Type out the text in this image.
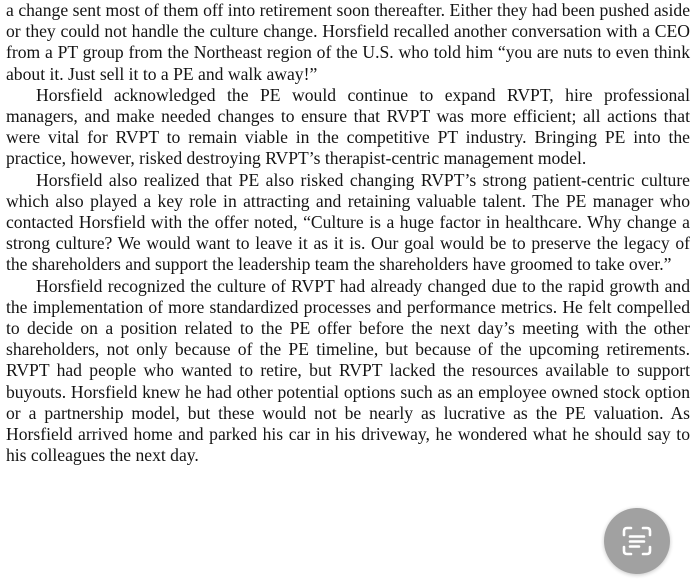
a change sent most of them off into retirement soon thereafter. Either they had been pushed aside or they could not handle the culture change. Horsfield recalled another conversation with a CEO from a PT group from the Northeast region of the U.S. who told him “you are nuts to even think about it. Just sell it to a PE and walk away!”

Horsfield acknowledged the PE would continue to expand RVPT, hire professional managers, and make needed changes to ensure that RVPT was more efficient; all actions that were vital for RVPT to remain viable in the competitive PT industry. Bringing PE into the practice, however, risked destroying RVPT’s therapist-centric management model.

Horsfield also realized that PE also risked changing RVPT’s strong patient-centric culture which also played a key role in attracting and retaining valuable talent. The PE manager who contacted Horsfield with the offer noted, “Culture is a huge factor in healthcare. Why change a strong culture? We would want to leave it as it is. Our goal would be to preserve the legacy of the shareholders and support the leadership team the shareholders have groomed to take over.”

Horsfield recognized the culture of RVPT had already changed due to the rapid growth and the implementation of more standardized processes and performance metrics. He felt compelled to decide on a position related to the PE offer before the next day’s meeting with the other shareholders, not only because of the PE timeline, but because of the upcoming retirements. RVPT had people who wanted to retire, but RVPT lacked the resources available to support buyouts. Horsfield knew he had other potential options such as an employee owned stock option or a partnership model, but these would not be nearly as lucrative as the PE valuation. As Horsfield arrived home and parked his car in his driveway, he wondered what he should say to his colleagues the next day.
